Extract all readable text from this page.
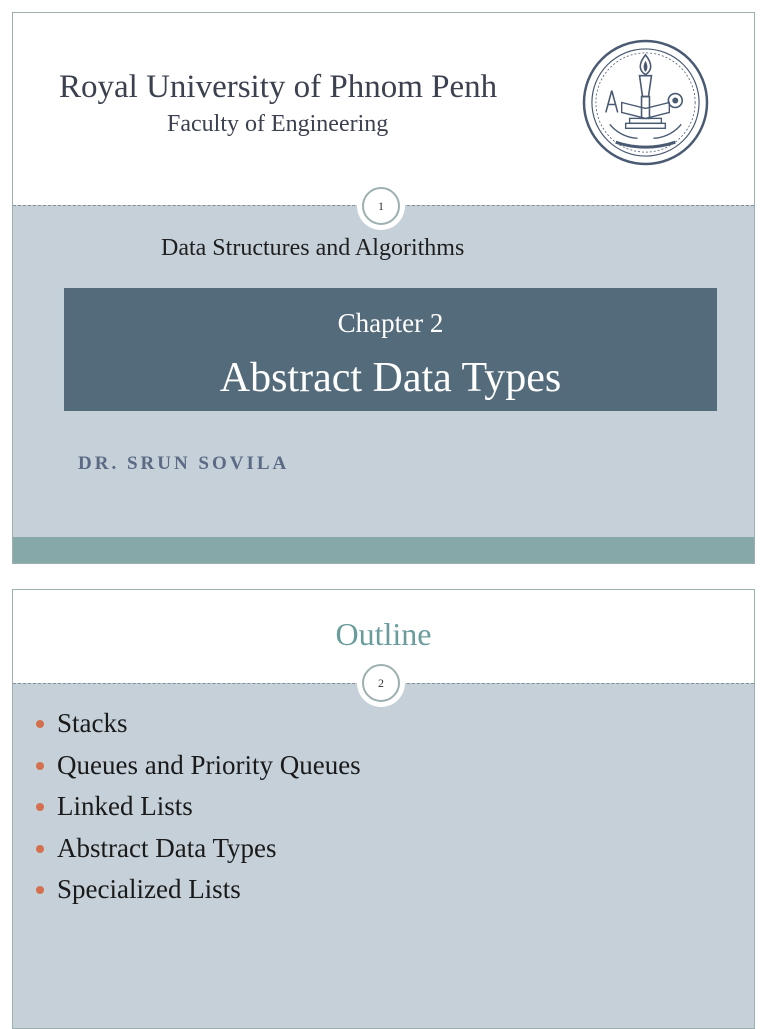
Royal University of Phnom Penh
Faculty of Engineering
1
Data Structures and Algorithms
Chapter 2
Abstract Data Types
DR. SRUN SOVILA
Outline
2
Stacks
Queues and Priority Queues
Linked Lists
Abstract Data Types
Specialized Lists
